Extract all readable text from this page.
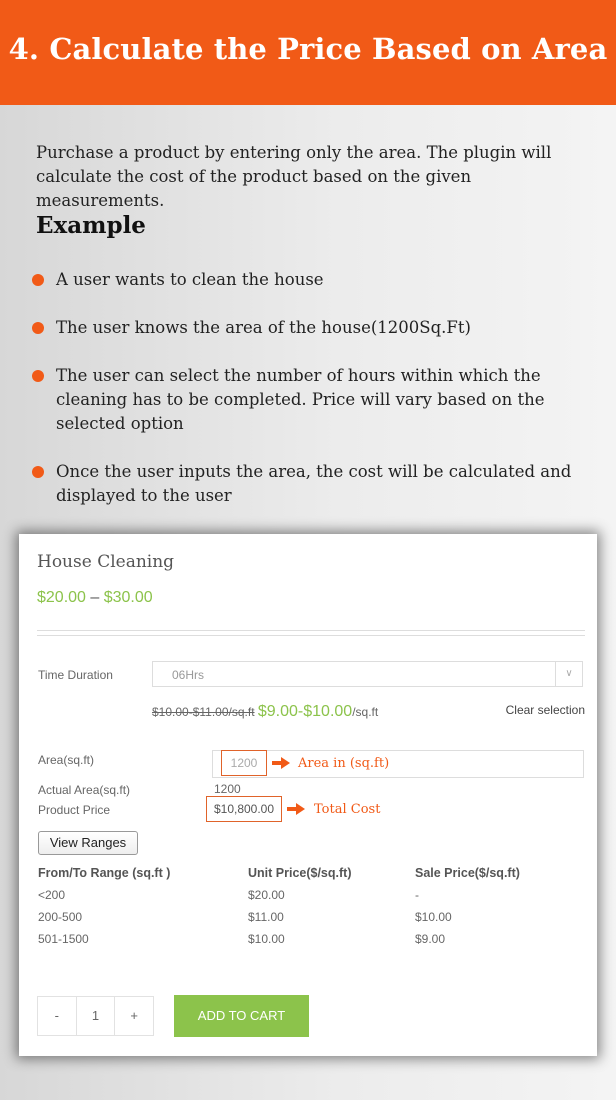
4. Calculate the Price Based on Area
Purchase a product by entering only the area. The plugin will calculate the cost of the product based on the given measurements.
Example
A user wants to clean the house
The user knows the area of the house(1200Sq.Ft)
The user can select the number of hours within which the cleaning has to be completed. Price will vary based on the selected option
Once the user inputs the area, the cost will be calculated and displayed to the user
House Cleaning
$20.00 – $30.00
Time Duration	06Hrs	∨
$10.00-$11.00/sq.ft $9.00-$10.00/sq.ft	Clear selection
Area(sq.ft)	1200	Area in (sq.ft)
Actual Area(sq.ft)	1200
Product Price	$10,800.00	Total Cost
View Ranges
From/To Range (sq.ft )	Unit Price($/sq.ft)	Sale Price($/sq.ft)
<200	$20.00	-
200-500	$11.00	$10.00
501-1500	$10.00	$9.00
-	1	+	ADD TO CART
